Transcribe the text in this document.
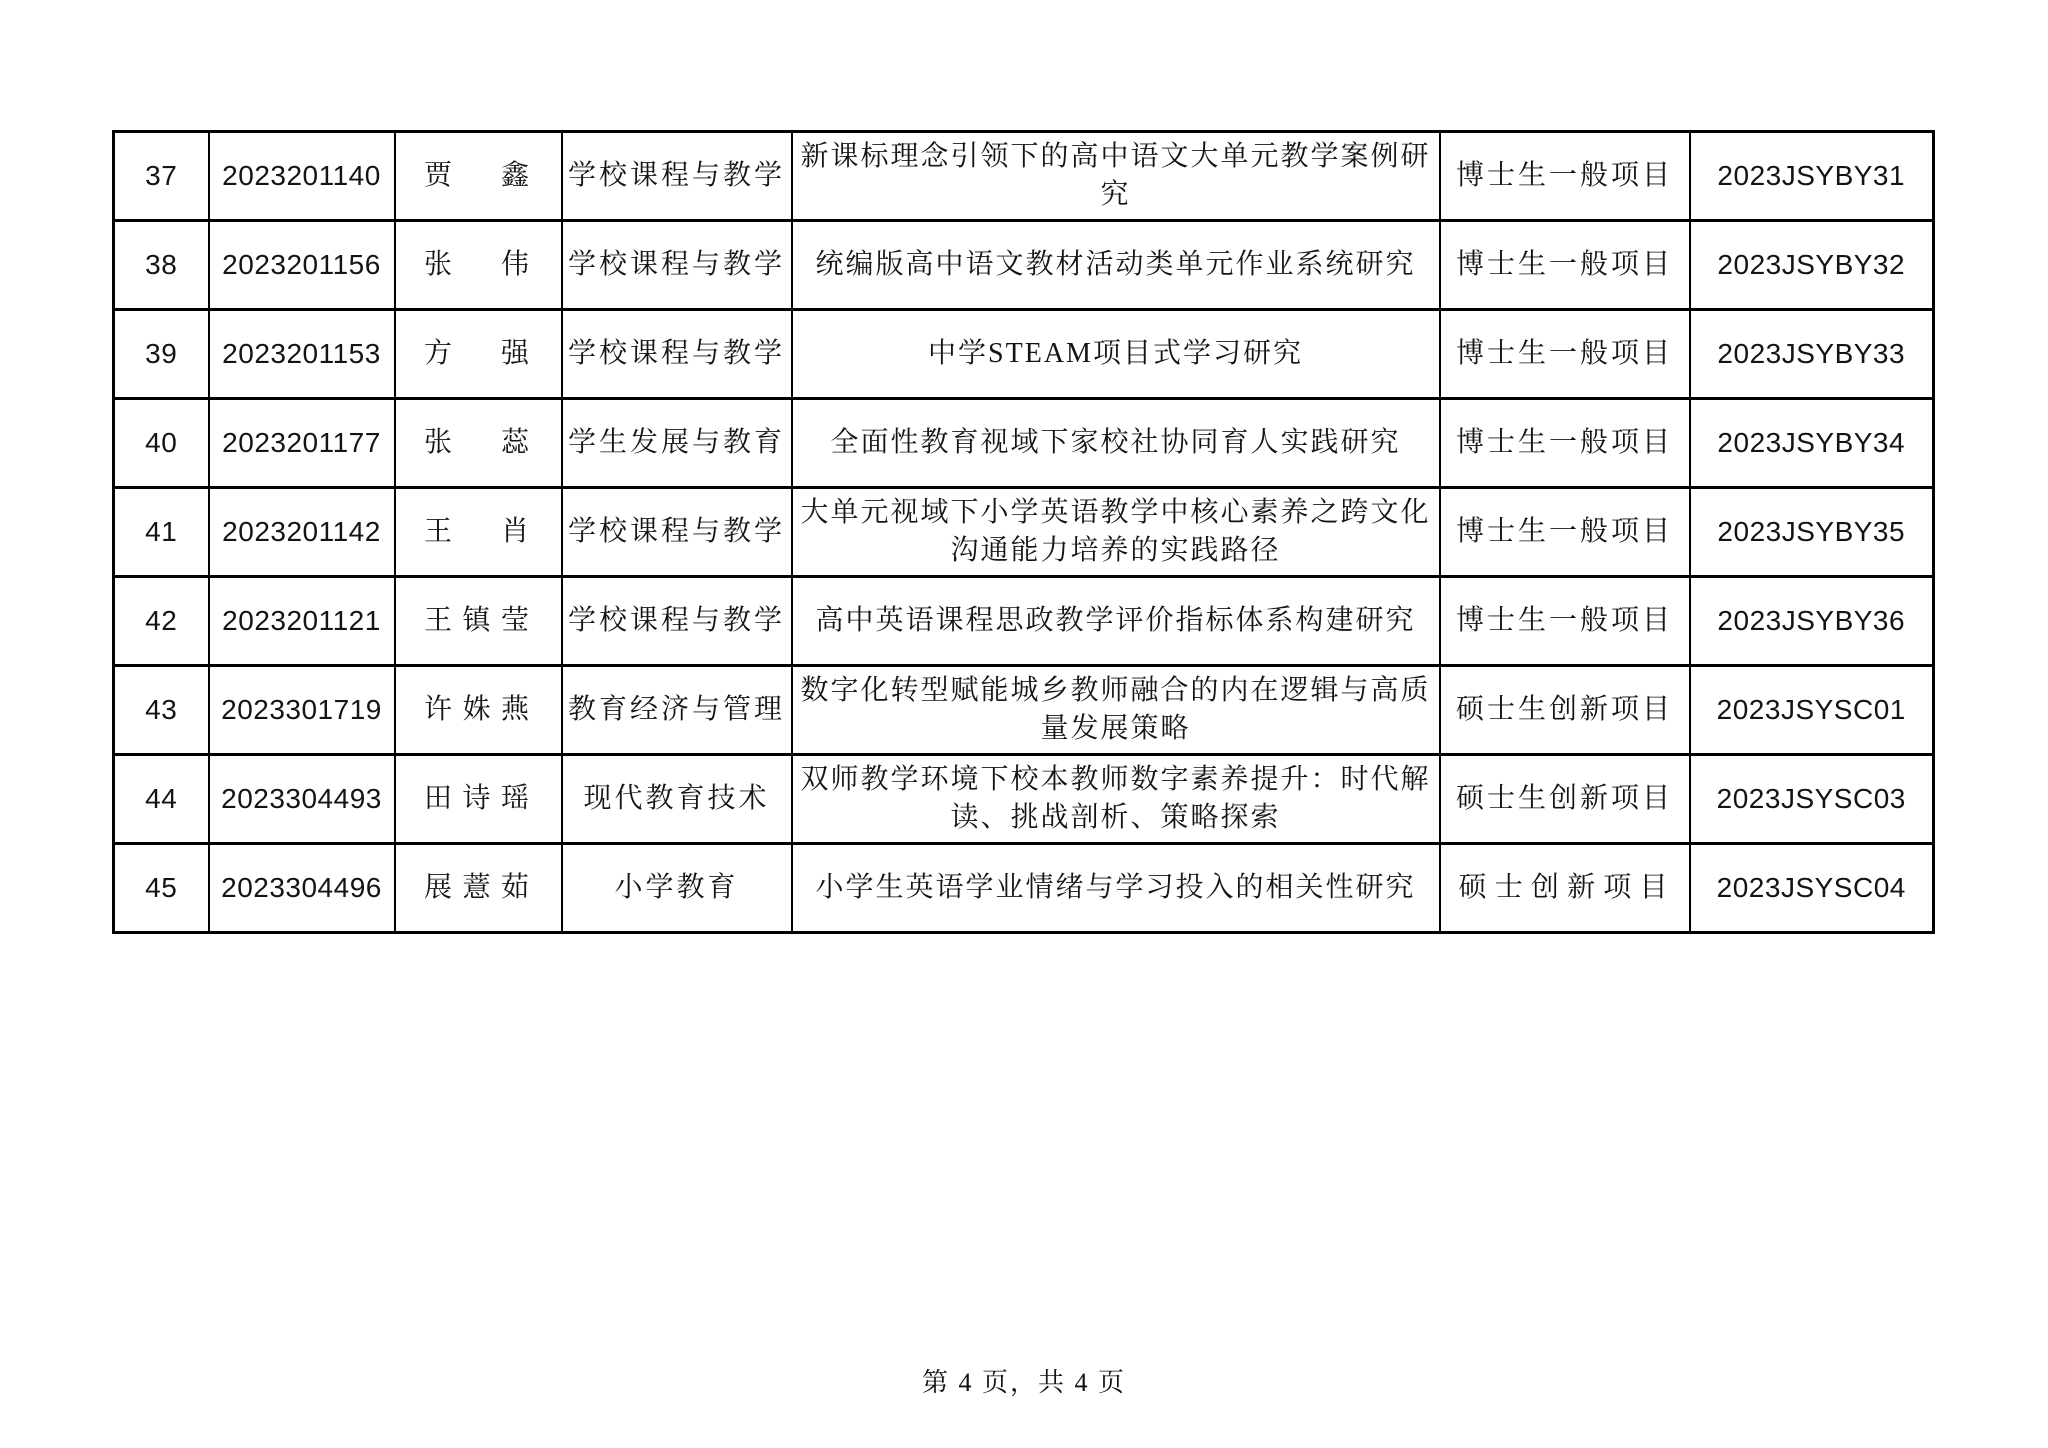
37	2023201140	贾鑫	学校课程与教学	新课标理念引领下的高中语文大单元教学案例研究	博士生一般项目	2023JSYBY31
38	2023201156	张伟	学校课程与教学	统编版高中语文教材活动类单元作业系统研究	博士生一般项目	2023JSYBY32
39	2023201153	方强	学校课程与教学	中学STEAM项目式学习研究	博士生一般项目	2023JSYBY33
40	2023201177	张蕊	学生发展与教育	全面性教育视域下家校社协同育人实践研究	博士生一般项目	2023JSYBY34
41	2023201142	王肖	学校课程与教学	大单元视域下小学英语教学中核心素养之跨文化沟通能力培养的实践路径	博士生一般项目	2023JSYBY35
42	2023201121	王镇莹	学校课程与教学	高中英语课程思政教学评价指标体系构建研究	博士生一般项目	2023JSYBY36
43	2023301719	许姝燕	教育经济与管理	数字化转型赋能城乡教师融合的内在逻辑与高质量发展策略	硕士生创新项目	2023JSYSC01
44	2023304493	田诗瑶	现代教育技术	双师教学环境下校本教师数字素养提升：时代解读、挑战剖析、策略探索	硕士生创新项目	2023JSYSC03
45	2023304496	展薏茹	小学教育	小学生英语学业情绪与学习投入的相关性研究	硕士创新项目	2023JSYSC04
第 4 页，共 4 页
